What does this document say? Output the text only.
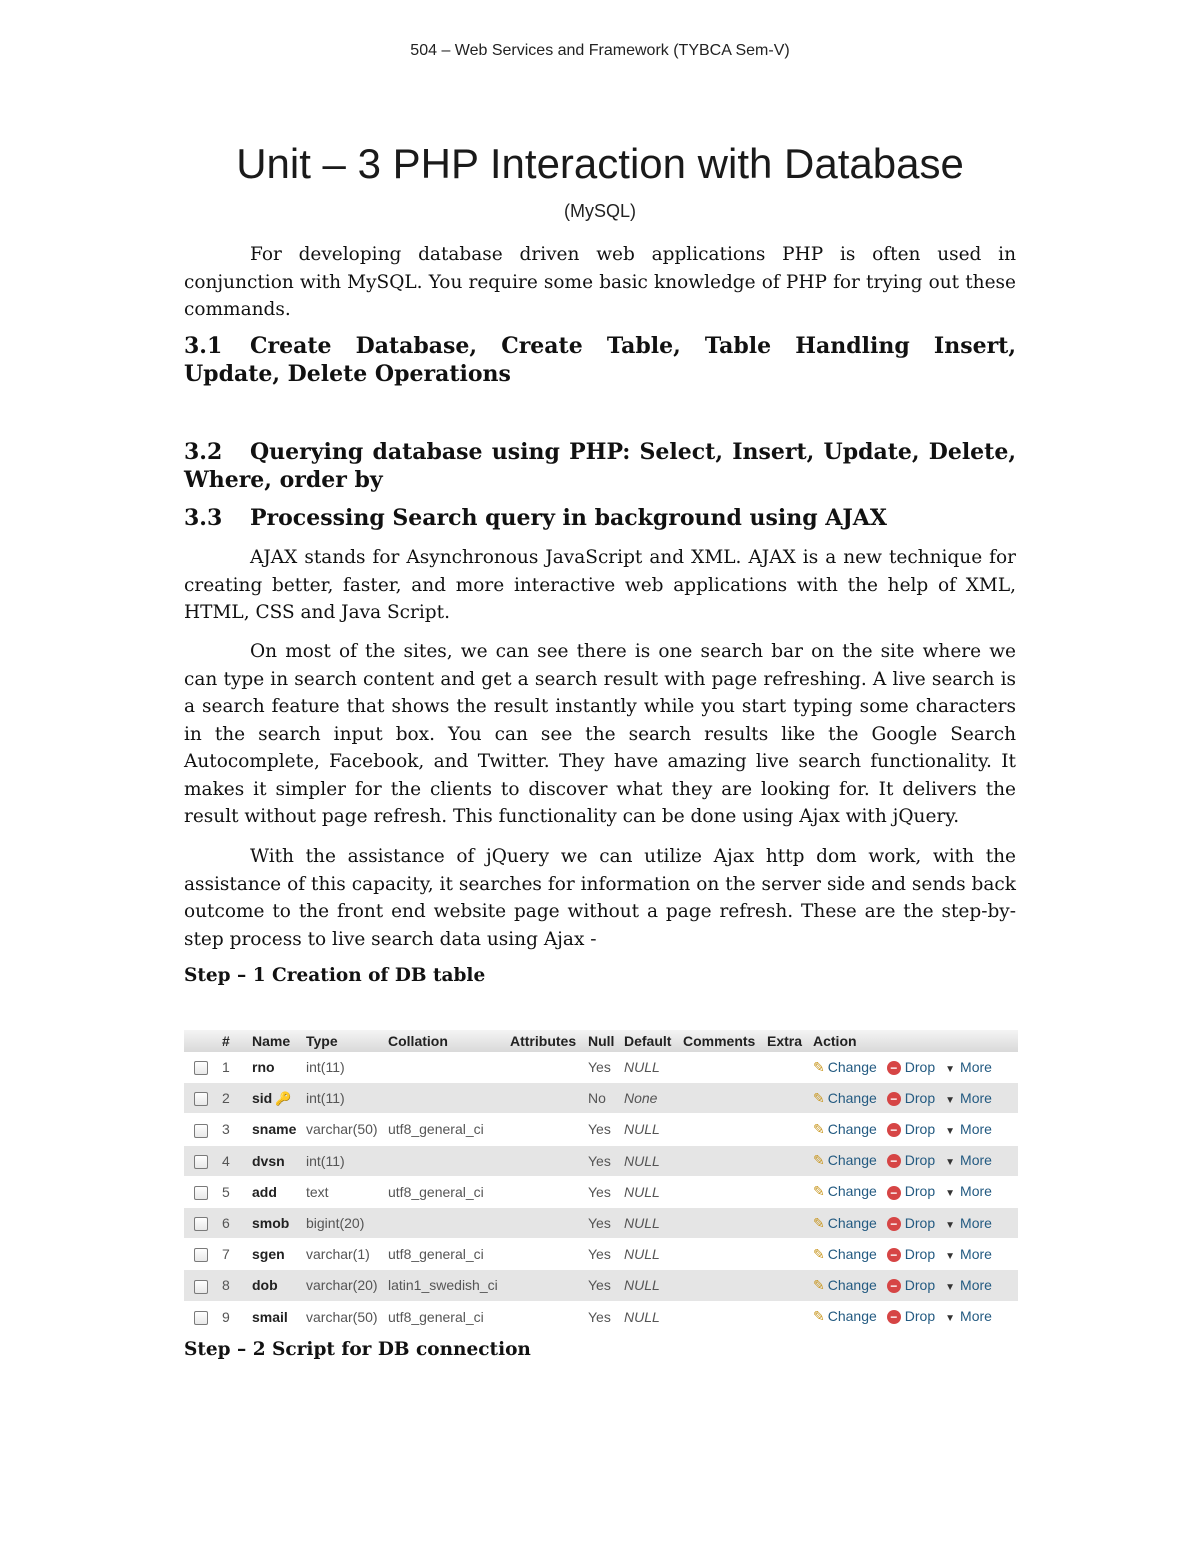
504 – Web Services and Framework (TYBCA Sem-V)
Unit – 3 PHP Interaction with Database
(MySQL)

For developing database driven web applications PHP is often used in conjunction with MySQL. You require some basic knowledge of PHP for trying out these commands.

3.1 Create Database, Create Table, Table Handling Insert, Update, Delete Operations

3.2 Querying database using PHP: Select, Insert, Update, Delete, Where, order by

3.3 Processing Search query in background using AJAX

AJAX stands for Asynchronous JavaScript and XML. AJAX is a new technique for creating better, faster, and more interactive web applications with the help of XML, HTML, CSS and Java Script.

On most of the sites, we can see there is one search bar on the site where we can type in search content and get a search result with page refreshing. A live search is a search feature that shows the result instantly while you start typing some characters in the search input box. You can see the search results like the Google Search Autocomplete, Facebook, and Twitter. They have amazing live search functionality. It makes it simpler for the clients to discover what they are looking for. It delivers the result without page refresh. This functionality can be done using Ajax with jQuery.

With the assistance of jQuery we can utilize Ajax http dom work, with the assistance of this capacity, it searches for information on the server side and sends back outcome to the front end website page without a page refresh. These are the step-by-step process to live search data using Ajax -

Step – 1 Creation of DB table

	#	Name	Type	Collation	Attributes	Null	Default	Comments	Extra	Action
	1	rno	int(11)			Yes	NULL			✎ Change − Drop ▼ More
	2	sid 🔑	int(11)			No	None			✎ Change − Drop ▼ More
	3	sname	varchar(50)	utf8_general_ci		Yes	NULL			✎ Change − Drop ▼ More
	4	dvsn	int(11)			Yes	NULL			✎ Change − Drop ▼ More
	5	add	text	utf8_general_ci		Yes	NULL			✎ Change − Drop ▼ More
	6	smob	bigint(20)			Yes	NULL			✎ Change − Drop ▼ More
	7	sgen	varchar(1)	utf8_general_ci		Yes	NULL			✎ Change − Drop ▼ More
	8	dob	varchar(20)	latin1_swedish_ci		Yes	NULL			✎ Change − Drop ▼ More
	9	smail	varchar(50)	utf8_general_ci		Yes	NULL			✎ Change − Drop ▼ More

Step – 2 Script for DB connection
